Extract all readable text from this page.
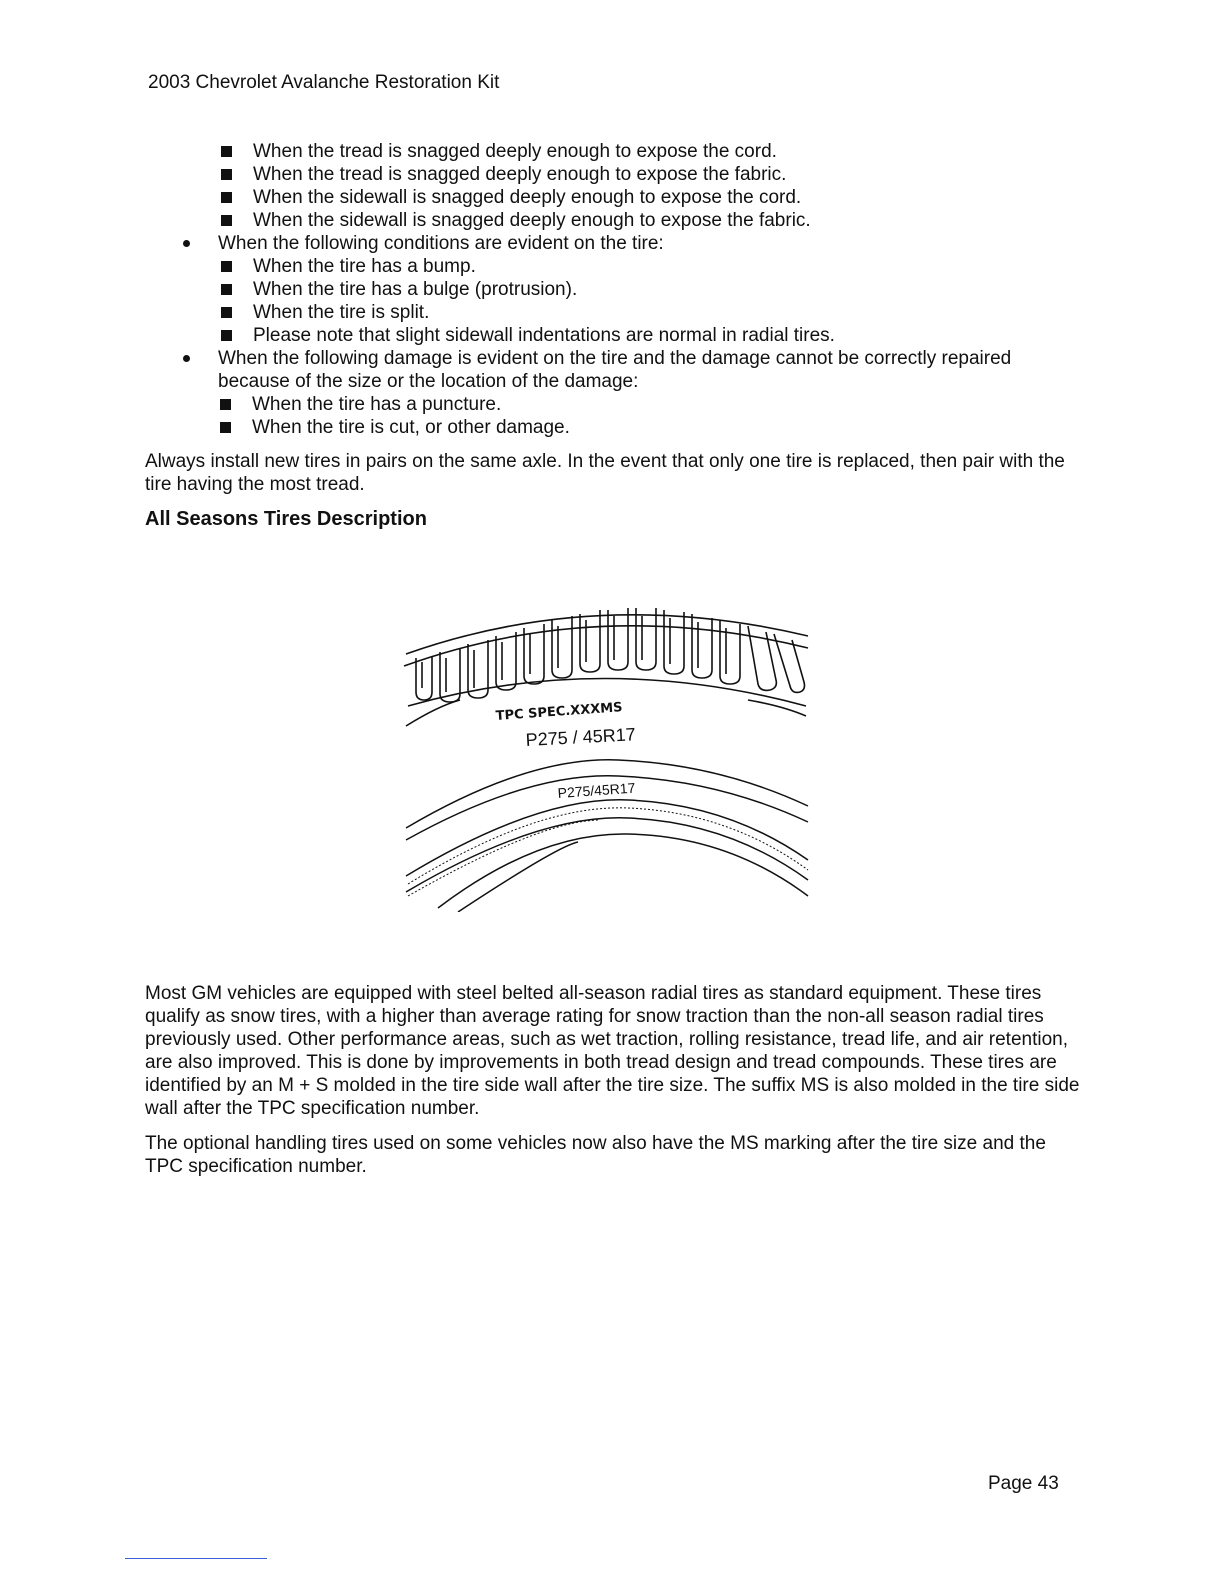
2003 Chevrolet Avalanche Restoration Kit
When the tread is snagged deeply enough to expose the cord.
When the tread is snagged deeply enough to expose the fabric.
When the sidewall is snagged deeply enough to expose the cord.
When the sidewall is snagged deeply enough to expose the fabric.
When the following conditions are evident on the tire:
When the tire has a bump.
When the tire has a bulge (protrusion).
When the tire is split.
Please note that slight sidewall indentations are normal in radial tires.
When the following damage is evident on the tire and the damage cannot be correctly repaired because of the size or the location of the damage:
When the tire has a puncture.
When the tire is cut, or other damage.

Always install new tires in pairs on the same axle. In the event that only one tire is replaced, then pair with the tire having the most tread.

All Seasons Tires Description
TPC SPEC.XXXMS
P275 / 45R17
P275/45R17

Most GM vehicles are equipped with steel belted all-season radial tires as standard equipment. These tires qualify as snow tires, with a higher than average rating for snow traction than the non-all season radial tires previously used. Other performance areas, such as wet traction, rolling resistance, tread life, and air retention, are also improved. This is done by improvements in both tread design and tread compounds. These tires are identified by an M + S molded in the tire side wall after the tire size. The suffix MS is also molded in the tire side wall after the TPC specification number.

The optional handling tires used on some vehicles now also have the MS marking after the tire size and the TPC specification number.

Page 43
